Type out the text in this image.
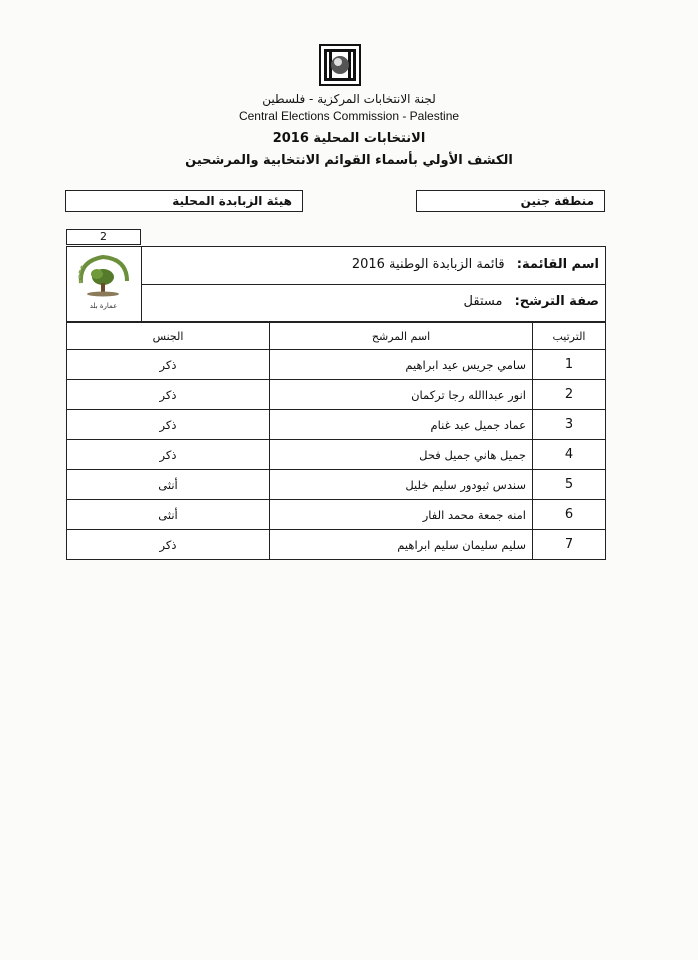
لجنة الانتخابات المركزية - فلسطين
Central Elections Commission - Palestine
الانتخابات المحلية 2016
الكشف الأولي بأسماء القوائم الانتخابية والمرشحين
منطقة جنين
هيئة الزبابدة المحلية
2
عمارة بلد
اسم القائمة: قائمة الزبابدة الوطنية 2016
صفة الترشح: مستقل
الترتيب	اسم المرشح	الجنس
1	سامي جريس عيد ابراهيم	ذكر
2	انور عبداالله رجا تركمان	ذكر
3	عماد جميل عبد غنام	ذكر
4	جميل هاني جميل فحل	ذكر
5	سندس ثيودور سليم خليل	أنثى
6	امنه جمعة محمد الفار	أنثى
7	سليم سليمان سليم ابراهيم	ذكر
